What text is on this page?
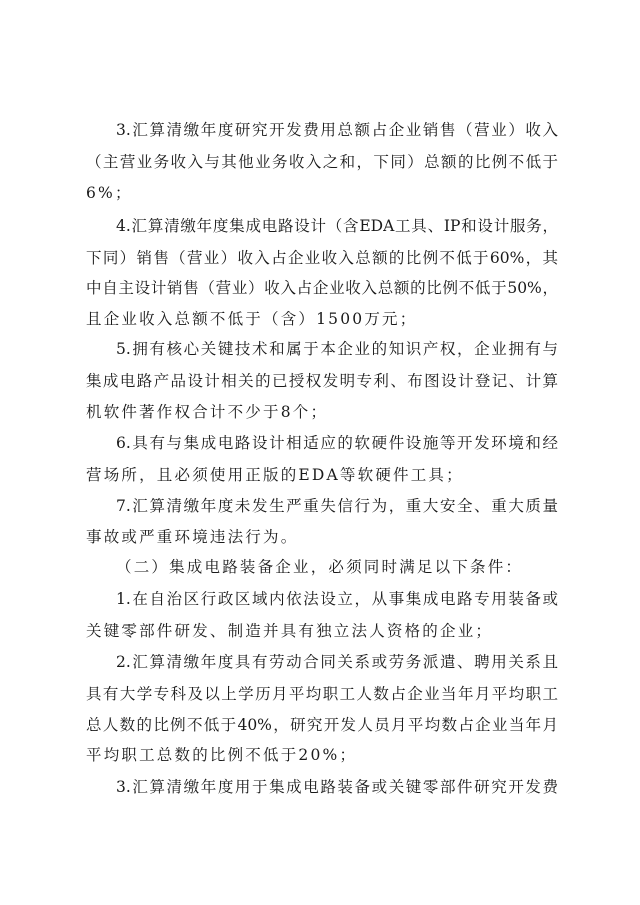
3.汇算清缴年度研究开发费用总额占企业销售（营业）收入
（主营业务收入与其他业务收入之和，下同）总额的比例不低于
6%；
4.汇算清缴年度集成电路设计（含EDA工具、IP和设计服务，
下同）销售（营业）收入占企业收入总额的比例不低于60%，其
中自主设计销售（营业）收入占企业收入总额的比例不低于50%，
且企业收入总额不低于（含）1500万元；
5.拥有核心关键技术和属于本企业的知识产权，企业拥有与
集成电路产品设计相关的已授权发明专利、布图设计登记、计算
机软件著作权合计不少于8个；
6.具有与集成电路设计相适应的软硬件设施等开发环境和经
营场所，且必须使用正版的EDA等软硬件工具；
7.汇算清缴年度未发生严重失信行为，重大安全、重大质量
事故或严重环境违法行为。
（二）集成电路装备企业，必须同时满足以下条件：
1.在自治区行政区域内依法设立，从事集成电路专用装备或
关键零部件研发、制造并具有独立法人资格的企业；
2.汇算清缴年度具有劳动合同关系或劳务派遣、聘用关系且
具有大学专科及以上学历月平均职工人数占企业当年月平均职工
总人数的比例不低于40%，研究开发人员月平均数占企业当年月
平均职工总数的比例不低于20%；
3.汇算清缴年度用于集成电路装备或关键零部件研究开发费
